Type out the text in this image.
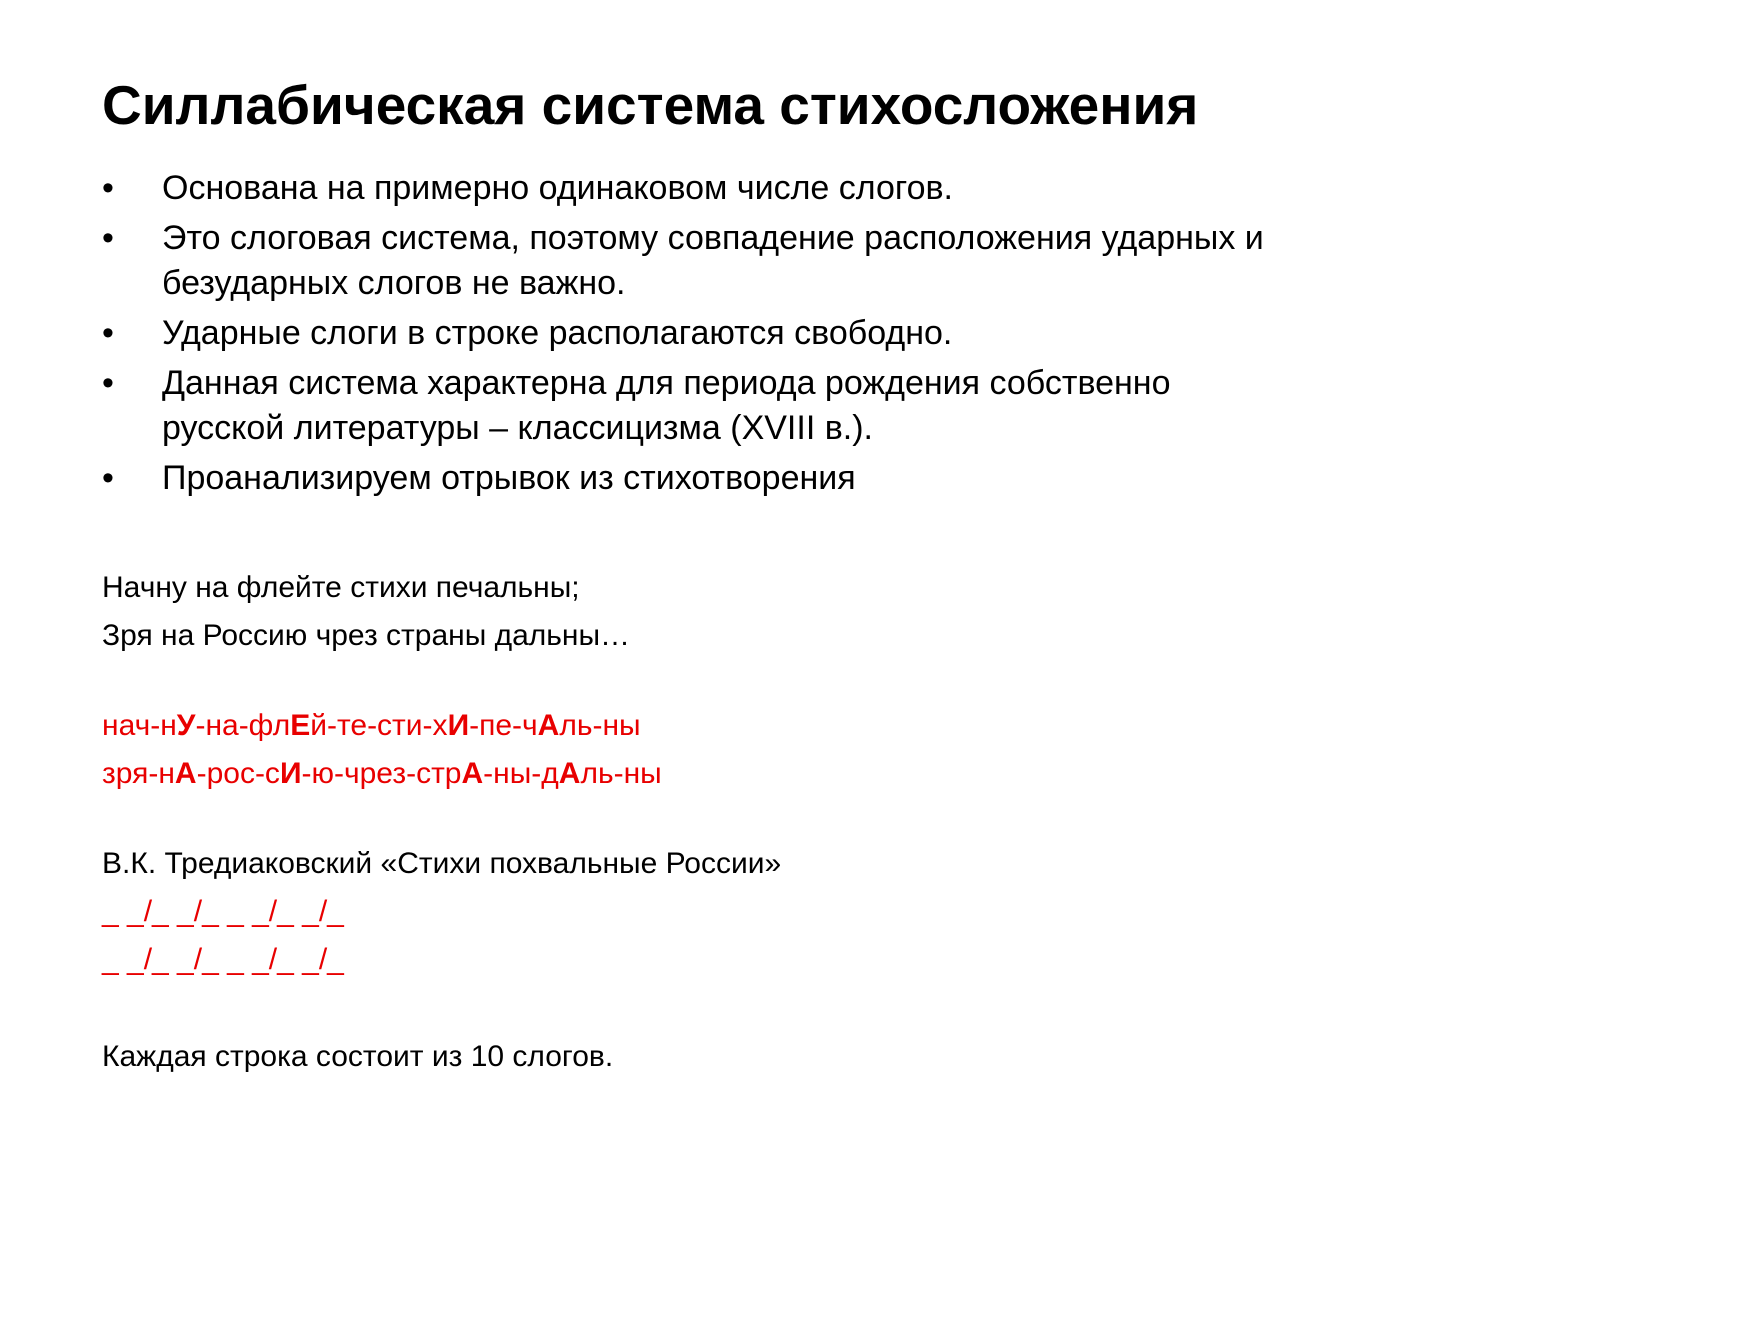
Силлабическая система стихосложения
•	Основана на примерно одинаковом числе слогов.
•	Это слоговая система, поэтому совпадение расположения ударных и
безударных слогов не важно.
•	Ударные слоги в строке располагаются свободно.
•	Данная система характерна для периода рождения собственно
русской литературы – классицизма (XVIII в.).
•	Проанализируем отрывок из стихотворения
Начну на флейте стихи печальны;
Зря на Россию чрез страны дальны…
нач-нУ-на-флЕй-те-сти-хИ-пе-чАль-ны
зря-нА-рос-сИ-ю-чрез-стрА-ны-дАль-ны
В.К. Тредиаковский «Стихи похвальные России»
_ _/_ _/_ _ _/_ _/_
_ _/_ _/_ _ _/_ _/_
Каждая строка состоит из 10 слогов.
